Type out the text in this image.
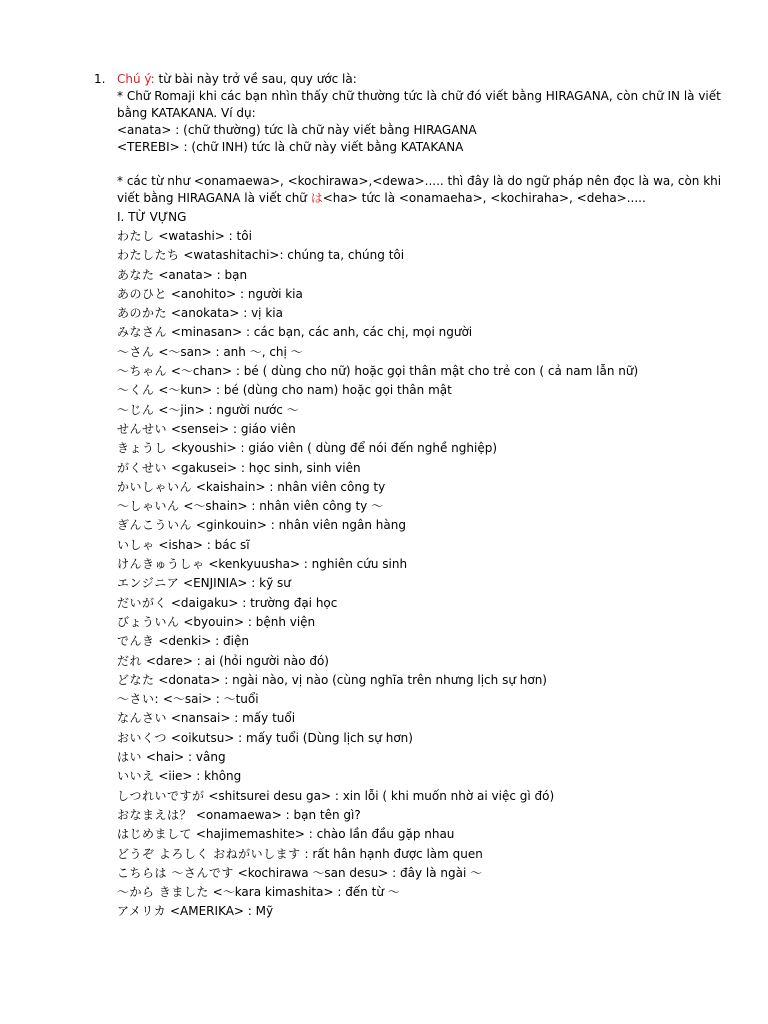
1. Chú ý: từ bài này trở về sau, quy ước là:
* Chữ Romaji khi các bạn nhìn thấy chữ thường tức là chữ đó viết bằng HIRAGANA, còn chữ IN là viết
bằng KATAKANA. Ví dụ:
<anata> : (chữ thường) tức là chữ này viết bằng HIRAGANA
<TEREBI> : (chữ INH) tức là chữ này viết bằng KATAKANA
* các từ như <onamaewa>, <kochirawa>,<dewa>..... thì đây là do ngữ pháp nên đọc là wa, còn khi
viết bằng HIRAGANA là viết chữ は<ha> tức là <onamaeha>, <kochiraha>, <deha>.....
I. TỪ VỰNG
わたし <watashi> : tôi
わたしたち <watashitachi>: chúng ta, chúng tôi
あなた <anata> : bạn
あのひと <anohito> : người kia
あのかた <anokata> : vị kia
みなさん <minasan> : các bạn, các anh, các chị, mọi người
～さん <～san> : anh ～, chị ～
～ちゃん <～chan> : bé ( dùng cho nữ) hoặc gọi thân mật cho trẻ con ( cả nam lẫn nữ)
～くん <～kun> : bé (dùng cho nam) hoặc gọi thân mật
～じん <～jin> : người nước ～
せんせい <sensei> : giáo viên
きょうし <kyoushi> : giáo viên ( dùng để nói đến nghề nghiệp)
がくせい <gakusei> : học sinh, sinh viên
かいしゃいん <kaishain> : nhân viên công ty
～しゃいん <～shain> : nhân viên công ty ～
ぎんこういん <ginkouin> : nhân viên ngân hàng
いしゃ <isha> : bác sĩ
けんきゅうしゃ <kenkyuusha> : nghiên cứu sinh
エンジニア <ENJINIA> : kỹ sư
だいがく <daigaku> : trường đại học
びょういん <byouin> : bệnh viện
でんき <denki> : điện
だれ <dare> : ai (hỏi người nào đó)
どなた <donata> : ngài nào, vị nào (cùng nghĩa trên nhưng lịch sự hơn)
～さい: <～sai> : ～tuổi
なんさい <nansai> : mấy tuổi
おいくつ <oikutsu> : mấy tuổi (Dùng lịch sự hơn)
はい <hai> : vâng
いいえ <iie> : không
しつれいですが <shitsurei desu ga> : xin lỗi ( khi muốn nhờ ai việc gì đó)
おなまえは？ <onamaewa> : bạn tên gì?
はじめまして <hajimemashite> : chào lần đầu gặp nhau
どうぞ よろしく おねがいします : rất hân hạnh được làm quen
こちらは ～さんです <kochirawa ～san desu> : đây là ngài ～
～から きました <～kara kimashita> : đến từ ～
アメリカ <AMERIKA> : Mỹ
